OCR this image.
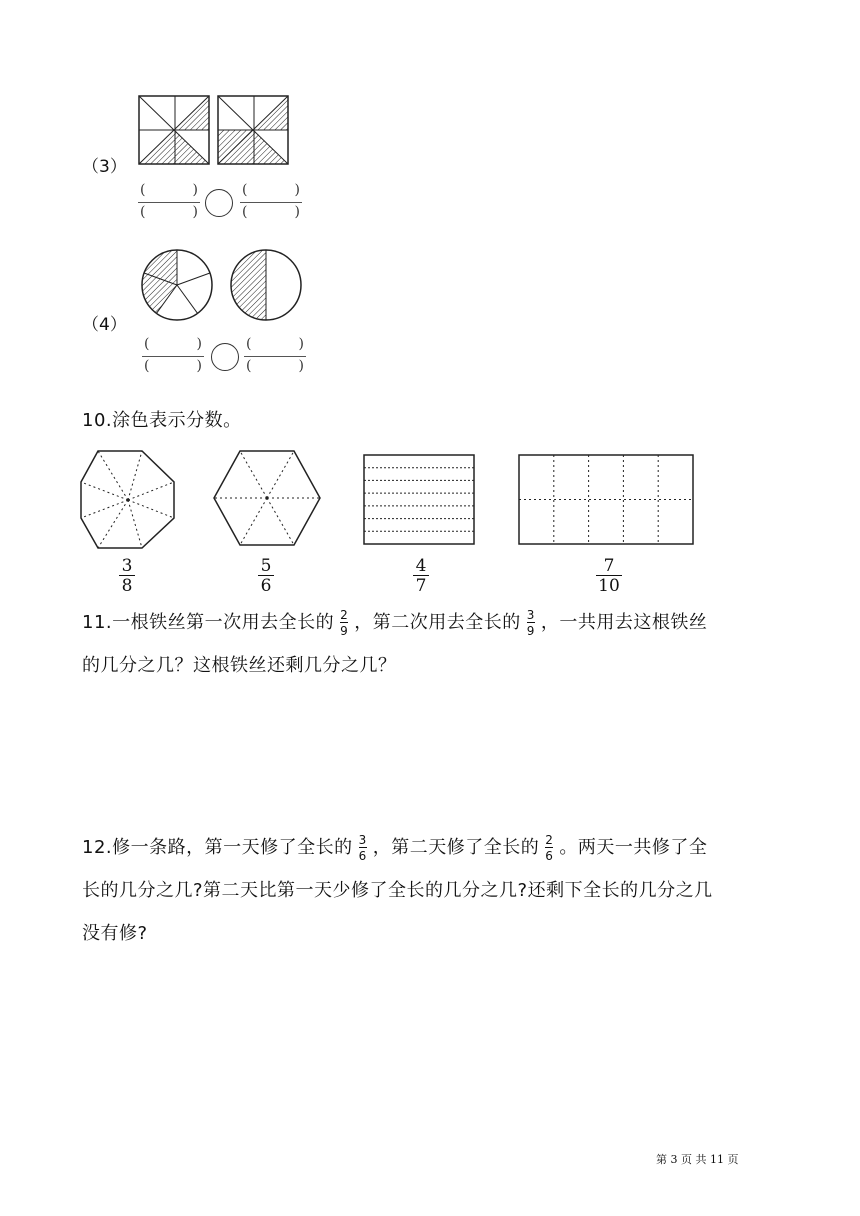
（3）
(	)
(	)
(	)
(	)
（4）
(	)
(	)
(	)
(	)
10.涂色表示分数。
$\frac{3}{8}$	$\frac{5}{6}$	$\frac{4}{7}$	$\frac{7}{10}$
11.一根铁丝第一次用去全长的 $\frac{2}{9}$ ，第二次用去全长的 $\frac{3}{9}$ ，一共用去这根铁丝
的几分之几？这根铁丝还剩几分之几？
12.修一条路，第一天修了全长的 $\frac{3}{6}$ ，第二天修了全长的 $\frac{2}{6}$ 。两天一共修了全
长的几分之几?第二天比第一天少修了全长的几分之几?还剩下全长的几分之几
没有修?
第 3 页 共 11 页
